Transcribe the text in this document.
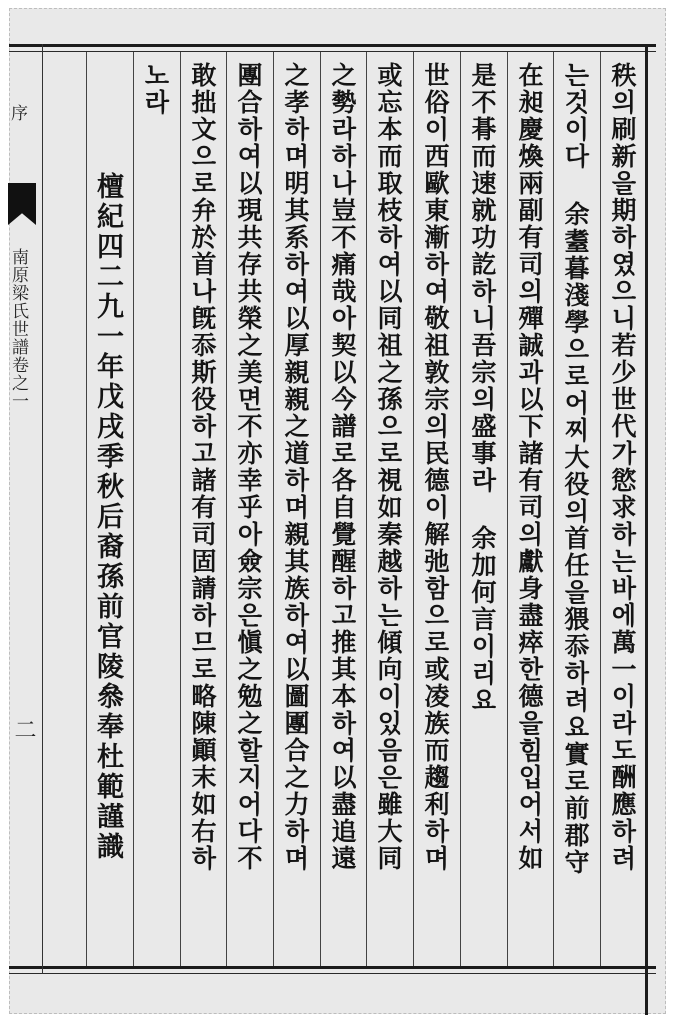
序
南原梁氏世譜卷之一
二	秩의刷新을期하였으니若少世代가慾求하는바에萬一이라도酬應하려
는것이다 余耋暮淺學으로어찌大役의首任을猥忝하려요實로前郡守
在昶慶煥兩副有司의殫誠과以下諸有司의獻身盡瘁한德을힘입어서如
是不朞而速就功訖하니吾宗의盛事라 余加何言이리요
世俗이西歐東漸하여敬祖敦宗의民德이解弛함으로或凌族而趨利하며
或忘本而取枝하여以同祖之孫으로視如秦越하는傾向이있음은雖大同
之勢라하나豈不痛哉아契以今譜로各自覺醒하고推其本하여以盡追遠
之孝하며明其系하여以厚親親之道하며親其族하여以圖團合之力하며
團合하여以現共存共榮之美면不亦幸乎아僉宗은愼之勉之할지어다不
敢拙文으로弁於首나旣忝斯役하고諸有司固請하므로略陳顚末如右하
노라
檀紀四二九一年戊戌季秋后裔孫前官陵叅奉杜範謹識
